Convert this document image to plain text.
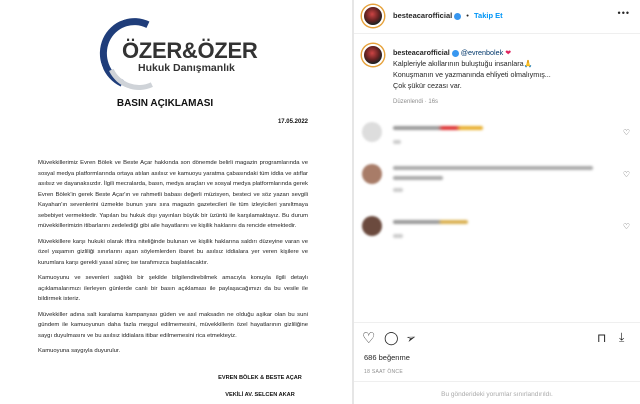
ÖZER&ÖZER
Hukuk Danışmanlık
BASIN AÇIKLAMASI
17.05.2022

Müvekkillerimiz Evren Bölek ve Beste Açar hakkında son dönemde belirli magazin programlarında ve sosyal medya platformlarında ortaya atılan asılsız ve kamuoyu yaratma çabasındaki tüm iddia ve atıflar asılsız ve dayanaksızdır. İlgili mecralarda, basın, medya araçları ve sosyal medya platformlarında gerek Evren Bölek'in gerek Beste Açar'ın ve rahmetli babası değerli müzisyen, besteci ve söz yazarı sevgili Kayahan'ın sevenlerini üzmekte bunun yanı sıra magazin gazetecileri ile tüm izleyicileri yanıltmaya sebebiyet vermektedir. Yapılan bu hukuk dışı yayınları büyük bir üzüntü ile karşılamaktayız. Bu durum müvekkillerimizin itibarlarını zedelediği gibi aile hayatlarını ve kişilik haklarını da rencide etmektedir.

Müvekkillere karşı hukuki olarak iftira niteliğinde bulunan ve kişilik haklarına saldırı düzeyine varan ve özel yaşamın gizliliği sınırlarını aşan söylemlerden ibaret bu asılsız iddialara yer veren kişilere ve kurumlara karşı gerekli yasal süreç ise tarafımızca başlatılacaktır.

Kamuoyunu ve sevenleri sağlıklı bir şekilde bilgilendirebilmek amacıyla konuyla ilgili detaylı açıklamalarımızı ilerleyen günlerde canlı bir basın açıklaması ile paylaşacağımızı da bu vesile ile bildirmek isteriz.

Müvekkiller adına salt karalama kampanyası güden ve asıl maksadın ne olduğu aşikar olan bu suni gündem ile kamuoyunun daha fazla meşgul edilmemesini, müvekkillerin özel hayatlarının gizliliğine saygı duyulmasını ve bu asılsız iddialara itibar edilmemesini rica etmekteyiz.

Kamuoyuna saygıyla duyurulur.

EVREN BÖLEK & BESTE AÇAR
VEKİLİ AV. SELCEN AKAR
besteacarofficial • Takip Et	•••
besteacarofficial @evrenbolek ❤
Kalpleriyle akıllarının buluştuğu insanlara🙏
Konuşmanın ve yazmanında ehliyeti olmalıymış...
Çok şükür cezası var.
Düzenlendi · 16s
♡
♡
♡
♡ ◯ ➢	⊓ ⤓
686 beğenme
18 SAAT ÖNCE
Bu gönderideki yorumlar sınırlandırıldı.
